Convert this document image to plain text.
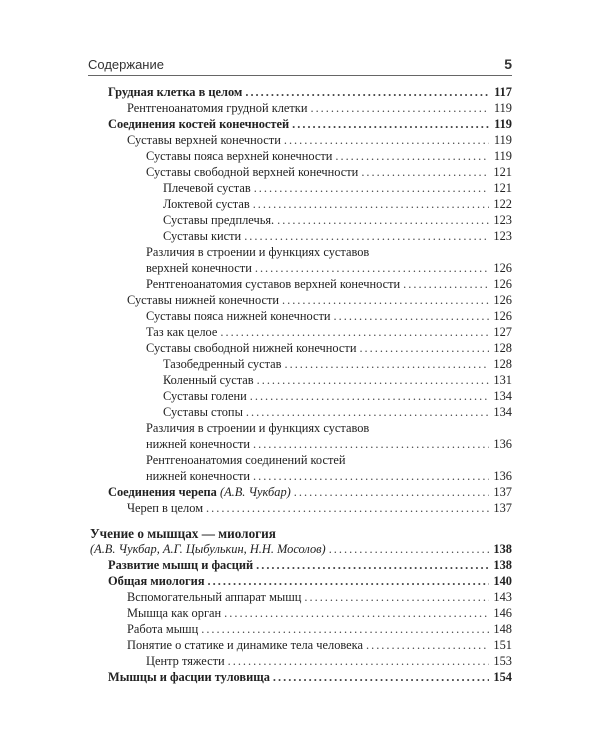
Содержание	5
Грудная клетка в целом .....	117
Рентгеноанатомия грудной клетки .....	119
Соединения костей конечностей .....	119
Суставы верхней конечности .....	119
Суставы пояса верхней конечности .....	119
Суставы свободной верхней конечности .....	121
Плечевой сустав .....	121
Локтевой сустав .....	122
Суставы предплечья. .....	123
Суставы кисти .....	123
Различия в строении и функциях суставов
верхней конечности .....	126
Рентгеноанатомия суставов верхней конечности .....	126
Суставы нижней конечности .....	126
Суставы пояса нижней конечности .....	126
Таз как целое .....	127
Суставы свободной нижней конечности .....	128
Тазобедренный сустав .....	128
Коленный сустав .....	131
Суставы голени .....	134
Суставы стопы .....	134
Различия в строении и функциях суставов
нижней конечности .....	136
Рентгеноанатомия соединений костей
нижней конечности .....	136
Соединения черепа (А.В. Чукбар) .....	137
Череп в целом .....	137
Учение о мышцах — миология
(А.В. Чукбар, А.Г. Цыбулькин, Н.Н. Мосолов) .....	138
Развитие мышц и фасций .....	138
Общая миология .....	140
Вспомогательный аппарат мышц .....	143
Мышца как орган .....	146
Работа мышц .....	148
Понятие о статике и динамике тела человека .....	151
Центр тяжести .....	153
Мышцы и фасции туловища .....	154
